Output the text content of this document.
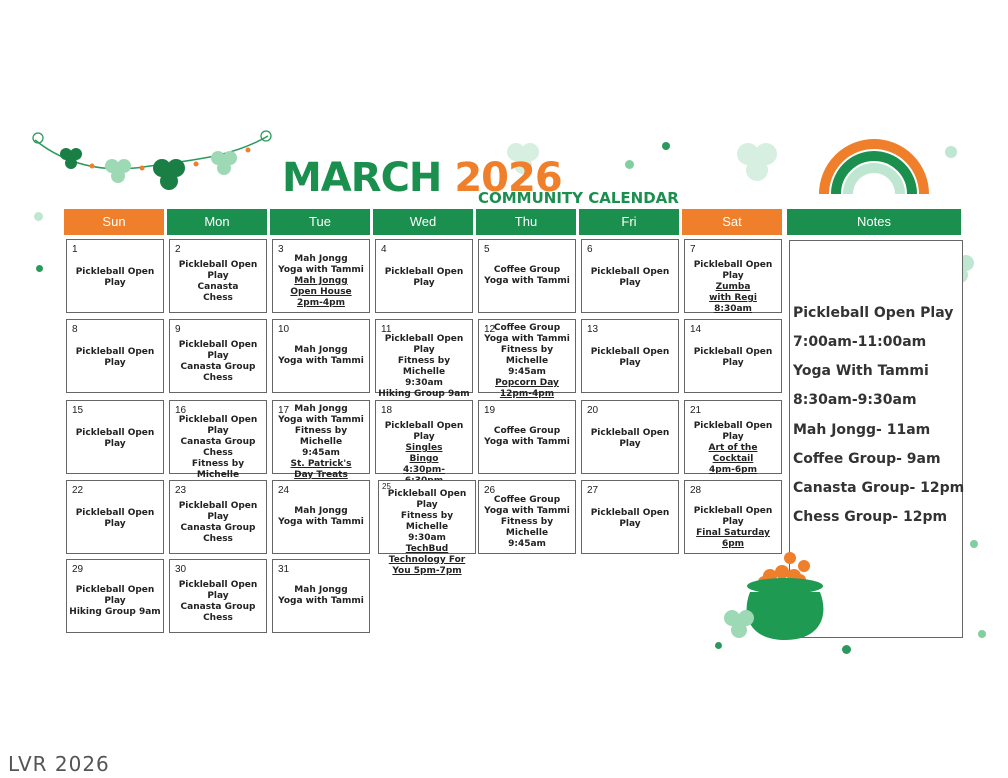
MARCH 2026
COMMUNITY CALENDAR
Sun	Mon	Tue	Wed	Thu	Fri	Sat	Notes
1
Pickleball Open Play
2
Pickleball Open Play
Canasta
Chess
3
Mah Jongg
Yoga with Tammi
Mah Jongg Open House 2pm-4pm
4
Pickleball Open Play
5
Coffee Group
Yoga with Tammi
6
Pickleball Open Play
7
Pickleball Open Play
Zumba with Regi 8:30am
8
Pickleball Open Play
9
Pickleball Open Play
Canasta Group
Chess
10
Mah Jongg
Yoga with Tammi
11
Pickleball Open Play
Fitness by Michelle 9:30am
Hiking Group 9am
12
Coffee Group
Yoga with Tammi
Fitness by Michelle 9:45am
Popcorn Day 12pm-4pm
13
Pickleball Open Play
14
Pickleball Open Play
15
Pickleball Open Play
16
Pickleball Open Play
Canasta Group
Chess
Fitness by Michelle
17 Mah Jongg
Yoga with Tammi
Fitness by Michelle 9:45am
St. Patrick's Day Treats
18
Pickleball Open Play
Singles Bingo 4:30pm-
19
Coffee Group
Yoga with Tammi
20
Pickleball Open Play
21
Pickleball Open Play
Art of the Cocktail 4pm-6pm
22
Pickleball Open Play
23
Pickleball Open Play
Canasta Group
Chess
24
Mah Jongg
Yoga with Tammi
25
Pickleball Open Play
Fitness by Michelle 9:30am
TechBud Technology For You 5pm-7pm
26
Coffee Group
Yoga with Tammi
Fitness by Michelle 9:45am
27
Pickleball Open Play
28
Pickleball Open Play
Final Saturday 6pm
29
Pickleball Open Play
Hiking Group 9am
30
Pickleball Open Play
Canasta Group
Chess
31
Mah Jongg
Yoga with Tammi
Pickleball Open Play
7:00am-11:00am
Yoga With Tammi
8:30am-9:30am
Mah Jongg- 11am
Coffee Group- 9am
Canasta Group- 12pm
Chess Group- 12pm
LVR 2026
